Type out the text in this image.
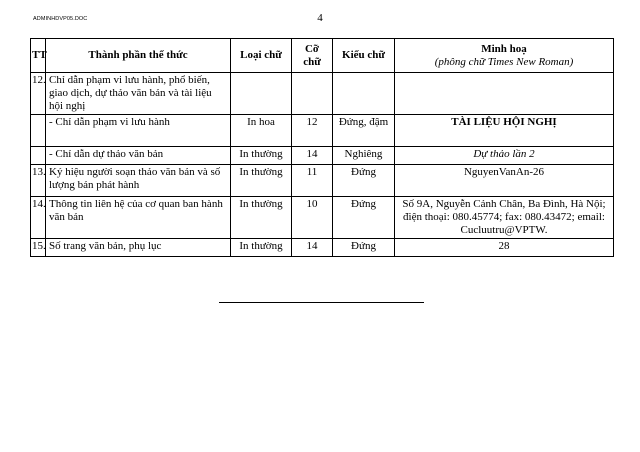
ADMINHDVP05.DOC	4
TT	Thành phần thể thức	Loại chữ	Cỡ chữ	Kiểu chữ	Minh hoạ
(phông chữ Times New Roman)

12.	Chỉ dẫn phạm vi lưu hành, phổ biến, giao dịch, dự thảo văn bản và tài liệu hội nghị				
	- Chỉ dẫn phạm vi lưu hành	In hoa	12	Đứng, đậm	TÀI LIỆU HỘI NGHỊ
	- Chỉ dẫn dự thảo văn bản	In thường	14	Nghiêng	Dự thảo lần 2
13.	Ký hiệu người soạn thảo văn bản và số lượng bản phát hành	In thường	11	Đứng	NguyenVanAn-26
14.	Thông tin liên hệ của cơ quan ban hành văn bản	In thường	10	Đứng	Số 9A, Nguyễn Cảnh Chân, Ba Đình, Hà Nội;
điện thoại: 080.45774; fax: 080.43472; email: Cucluutru@VPTW.

15.	Số trang văn bản, phụ lục	In thường	14	Đứng	28
